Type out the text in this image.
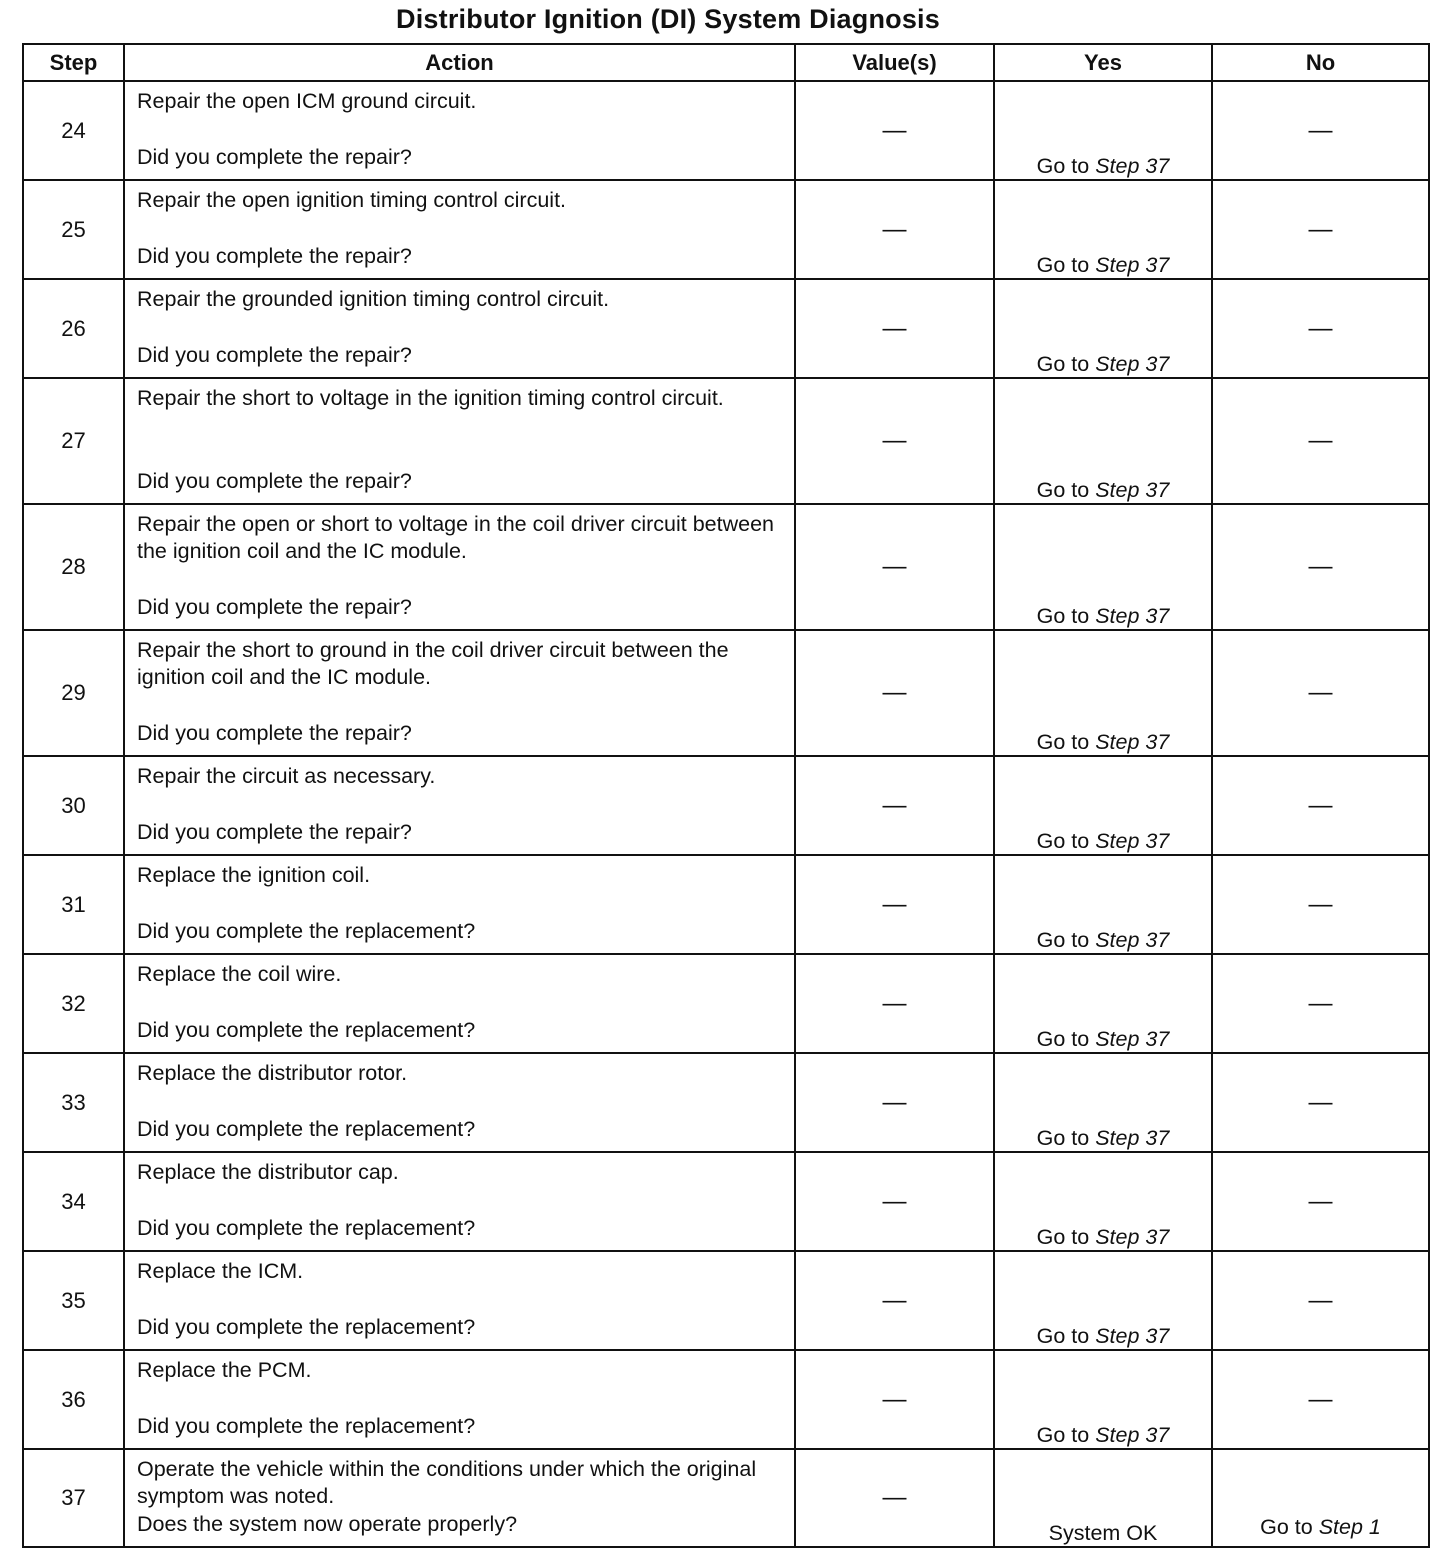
Distributor Ignition (DI) System Diagnosis
Step	Action	Value(s)	Yes	No
24	Repair the open ICM ground circuit.
Did you complete the repair?	—	Go to Step 37	—
25	Repair the open ignition timing control circuit.
Did you complete the repair?	—	Go to Step 37	—
26	Repair the grounded ignition timing control circuit.
Did you complete the repair?	—	Go to Step 37	—
27	Repair the short to voltage in the ignition timing control circuit.
Did you complete the repair?	—	Go to Step 37	—
28	Repair the open or short to voltage in the coil driver circuit between the ignition coil and the IC module.
Did you complete the repair?	—	Go to Step 37	—
29	Repair the short to ground in the coil driver circuit between the ignition coil and the IC module.
Did you complete the repair?	—	Go to Step 37	—
30	Repair the circuit as necessary.
Did you complete the repair?	—	Go to Step 37	—
31	Replace the ignition coil.
Did you complete the replacement?	—	Go to Step 37	—
32	Replace the coil wire.
Did you complete the replacement?	—	Go to Step 37	—
33	Replace the distributor rotor.
Did you complete the replacement?	—	Go to Step 37	—
34	Replace the distributor cap.
Did you complete the replacement?	—	Go to Step 37	—
35	Replace the ICM.
Did you complete the replacement?	—	Go to Step 37	—
36	Replace the PCM.
Did you complete the replacement?	—	Go to Step 37	—
37	Operate the vehicle within the conditions under which the original symptom was noted.
Does the system now operate properly?	—	System OK	Go to Step 1
